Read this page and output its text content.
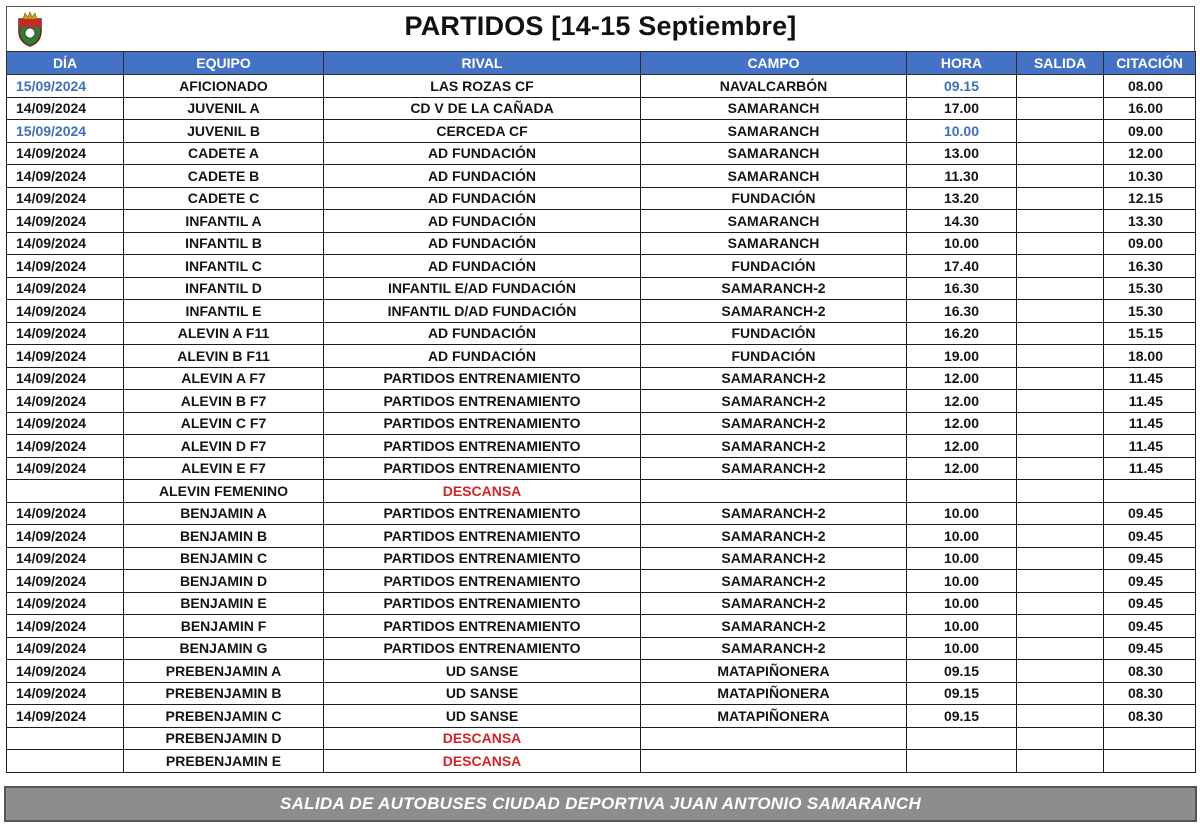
PARTIDOS [14-15 Septiembre]
DÍA	EQUIPO	RIVAL	CAMPO	HORA	SALIDA	CITACIÓN
15/09/2024	AFICIONADO	LAS ROZAS CF	NAVALCARBÓN	09.15		08.00
14/09/2024	JUVENIL A	CD V DE LA CAÑADA	SAMARANCH	17.00		16.00
15/09/2024	JUVENIL B	CERCEDA CF	SAMARANCH	10.00		09.00
14/09/2024	CADETE A	AD FUNDACIÓN	SAMARANCH	13.00		12.00
14/09/2024	CADETE B	AD FUNDACIÓN	SAMARANCH	11.30		10.30
14/09/2024	CADETE C	AD FUNDACIÓN	FUNDACIÓN	13.20		12.15
14/09/2024	INFANTIL A	AD FUNDACIÓN	SAMARANCH	14.30		13.30
14/09/2024	INFANTIL B	AD FUNDACIÓN	SAMARANCH	10.00		09.00
14/09/2024	INFANTIL C	AD FUNDACIÓN	FUNDACIÓN	17.40		16.30
14/09/2024	INFANTIL D	INFANTIL E/AD FUNDACIÓN	SAMARANCH-2	16.30		15.30
14/09/2024	INFANTIL E	INFANTIL D/AD FUNDACIÓN	SAMARANCH-2	16.30		15.30
14/09/2024	ALEVIN A F11	AD FUNDACIÓN	FUNDACIÓN	16.20		15.15
14/09/2024	ALEVIN B F11	AD FUNDACIÓN	FUNDACIÓN	19.00		18.00
14/09/2024	ALEVIN A F7	PARTIDOS ENTRENAMIENTO	SAMARANCH-2	12.00		11.45
14/09/2024	ALEVIN B F7	PARTIDOS ENTRENAMIENTO	SAMARANCH-2	12.00		11.45
14/09/2024	ALEVIN C F7	PARTIDOS ENTRENAMIENTO	SAMARANCH-2	12.00		11.45
14/09/2024	ALEVIN D F7	PARTIDOS ENTRENAMIENTO	SAMARANCH-2	12.00		11.45
14/09/2024	ALEVIN E F7	PARTIDOS ENTRENAMIENTO	SAMARANCH-2	12.00		11.45
	ALEVIN FEMENINO	DESCANSA				
14/09/2024	BENJAMIN A	PARTIDOS ENTRENAMIENTO	SAMARANCH-2	10.00		09.45
14/09/2024	BENJAMIN B	PARTIDOS ENTRENAMIENTO	SAMARANCH-2	10.00		09.45
14/09/2024	BENJAMIN C	PARTIDOS ENTRENAMIENTO	SAMARANCH-2	10.00		09.45
14/09/2024	BENJAMIN D	PARTIDOS ENTRENAMIENTO	SAMARANCH-2	10.00		09.45
14/09/2024	BENJAMIN E	PARTIDOS ENTRENAMIENTO	SAMARANCH-2	10.00		09.45
14/09/2024	BENJAMIN F	PARTIDOS ENTRENAMIENTO	SAMARANCH-2	10.00		09.45
14/09/2024	BENJAMIN G	PARTIDOS ENTRENAMIENTO	SAMARANCH-2	10.00		09.45
14/09/2024	PREBENJAMIN A	UD SANSE	MATAPIÑONERA	09.15		08.30
14/09/2024	PREBENJAMIN B	UD SANSE	MATAPIÑONERA	09.15		08.30
14/09/2024	PREBENJAMIN C	UD SANSE	MATAPIÑONERA	09.15		08.30
	PREBENJAMIN D	DESCANSA				
	PREBENJAMIN E	DESCANSA				
SALIDA DE AUTOBUSES CIUDAD DEPORTIVA JUAN ANTONIO SAMARANCH
